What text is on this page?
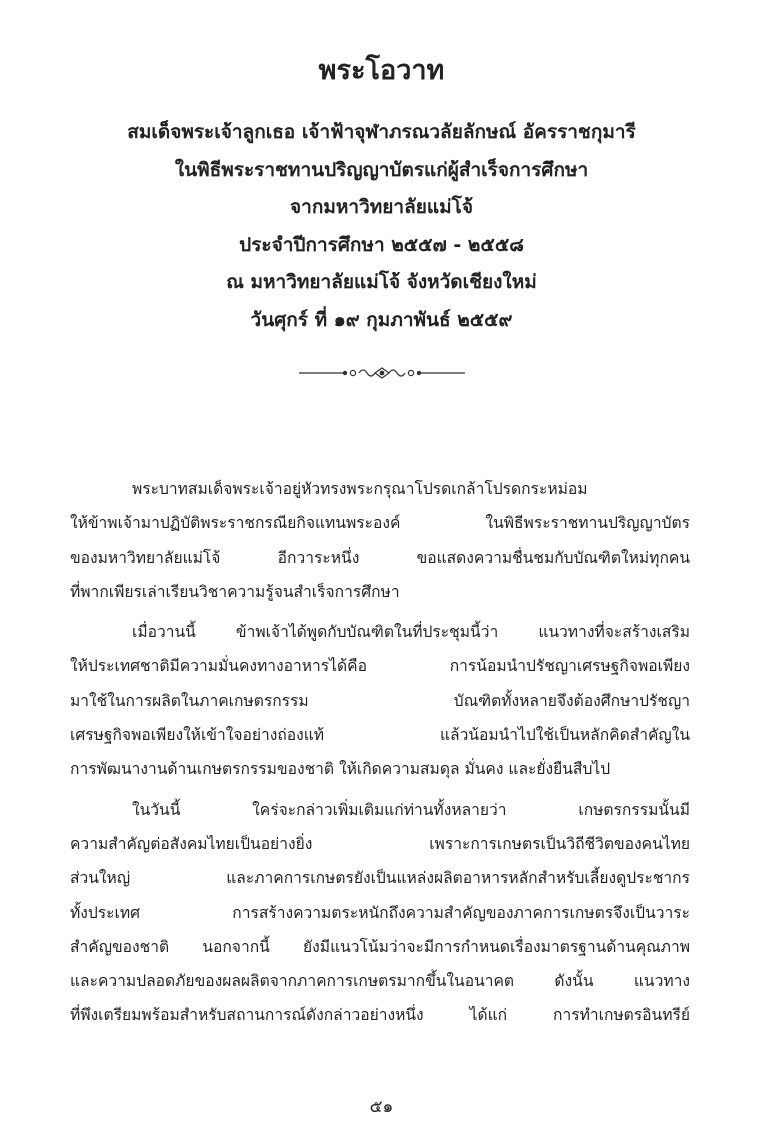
พระโอวาท
สมเด็จพระเจ้าลูกเธอ เจ้าฟ้าจุฬาภรณวลัยลักษณ์ อัครราชกุมารี
ในพิธีพระราชทานปริญญาบัตรแก่ผู้สำเร็จการศึกษา
จากมหาวิทยาลัยแม่โจ้
ประจำปีการศึกษา ๒๕๕๗ - ๒๕๕๘
ณ มหาวิทยาลัยแม่โจ้ จังหวัดเชียงใหม่
วันศุกร์ ที่ ๑๙ กุมภาพันธ์ ๒๕๕๙
พระบาทสมเด็จพระเจ้าอยู่หัวทรงพระกรุณาโปรดเกล้าโปรดกระหม่อม
ให้ข้าพเจ้ามาปฏิบัติพระราชกรณียกิจแทนพระองค์ ในพิธีพระราชทานปริญญาบัตร
ของมหาวิทยาลัยแม่โจ้ อีกวาระหนึ่ง ขอแสดงความชื่นชมกับบัณฑิตใหม่ทุกคน
ที่พากเพียรเล่าเรียนวิชาความรู้จนสำเร็จการศึกษา
เมื่อวานนี้ ข้าพเจ้าได้พูดกับบัณฑิตในที่ประชุมนี้ว่า แนวทางที่จะสร้างเสริม
ให้ประเทศชาติมีความมั่นคงทางอาหารได้คือ การน้อมนำปรัชญาเศรษฐกิจพอเพียง
มาใช้ในการผลิตในภาคเกษตรกรรม บัณฑิตทั้งหลายจึงต้องศึกษาปรัชญา
เศรษฐกิจพอเพียงให้เข้าใจอย่างถ่องแท้ แล้วน้อมนำไปใช้เป็นหลักคิดสำคัญใน
การพัฒนางานด้านเกษตรกรรมของชาติ ให้เกิดความสมดุล มั่นคง และยั่งยืนสืบไป
ในวันนี้ ใคร่จะกล่าวเพิ่มเติมแก่ท่านทั้งหลายว่า เกษตรกรรมนั้นมี
ความสำคัญต่อสังคมไทยเป็นอย่างยิ่ง เพราะการเกษตรเป็นวิถีชีวิตของคนไทย
ส่วนใหญ่ และภาคการเกษตรยังเป็นแหล่งผลิตอาหารหลักสำหรับเลี้ยงดูประชากร
ทั้งประเทศ การสร้างความตระหนักถึงความสำคัญของภาคการเกษตรจึงเป็นวาระ
สำคัญของชาติ นอกจากนี้ ยังมีแนวโน้มว่าจะมีการกำหนดเรื่องมาตรฐานด้านคุณภาพ
และความปลอดภัยของผลผลิตจากภาคการเกษตรมากขึ้นในอนาคต ดังนั้น แนวทาง
ที่พึงเตรียมพร้อมสำหรับสถานการณ์ดังกล่าวอย่างหนึ่ง ได้แก่ การทำเกษตรอินทรีย์
๕๑
